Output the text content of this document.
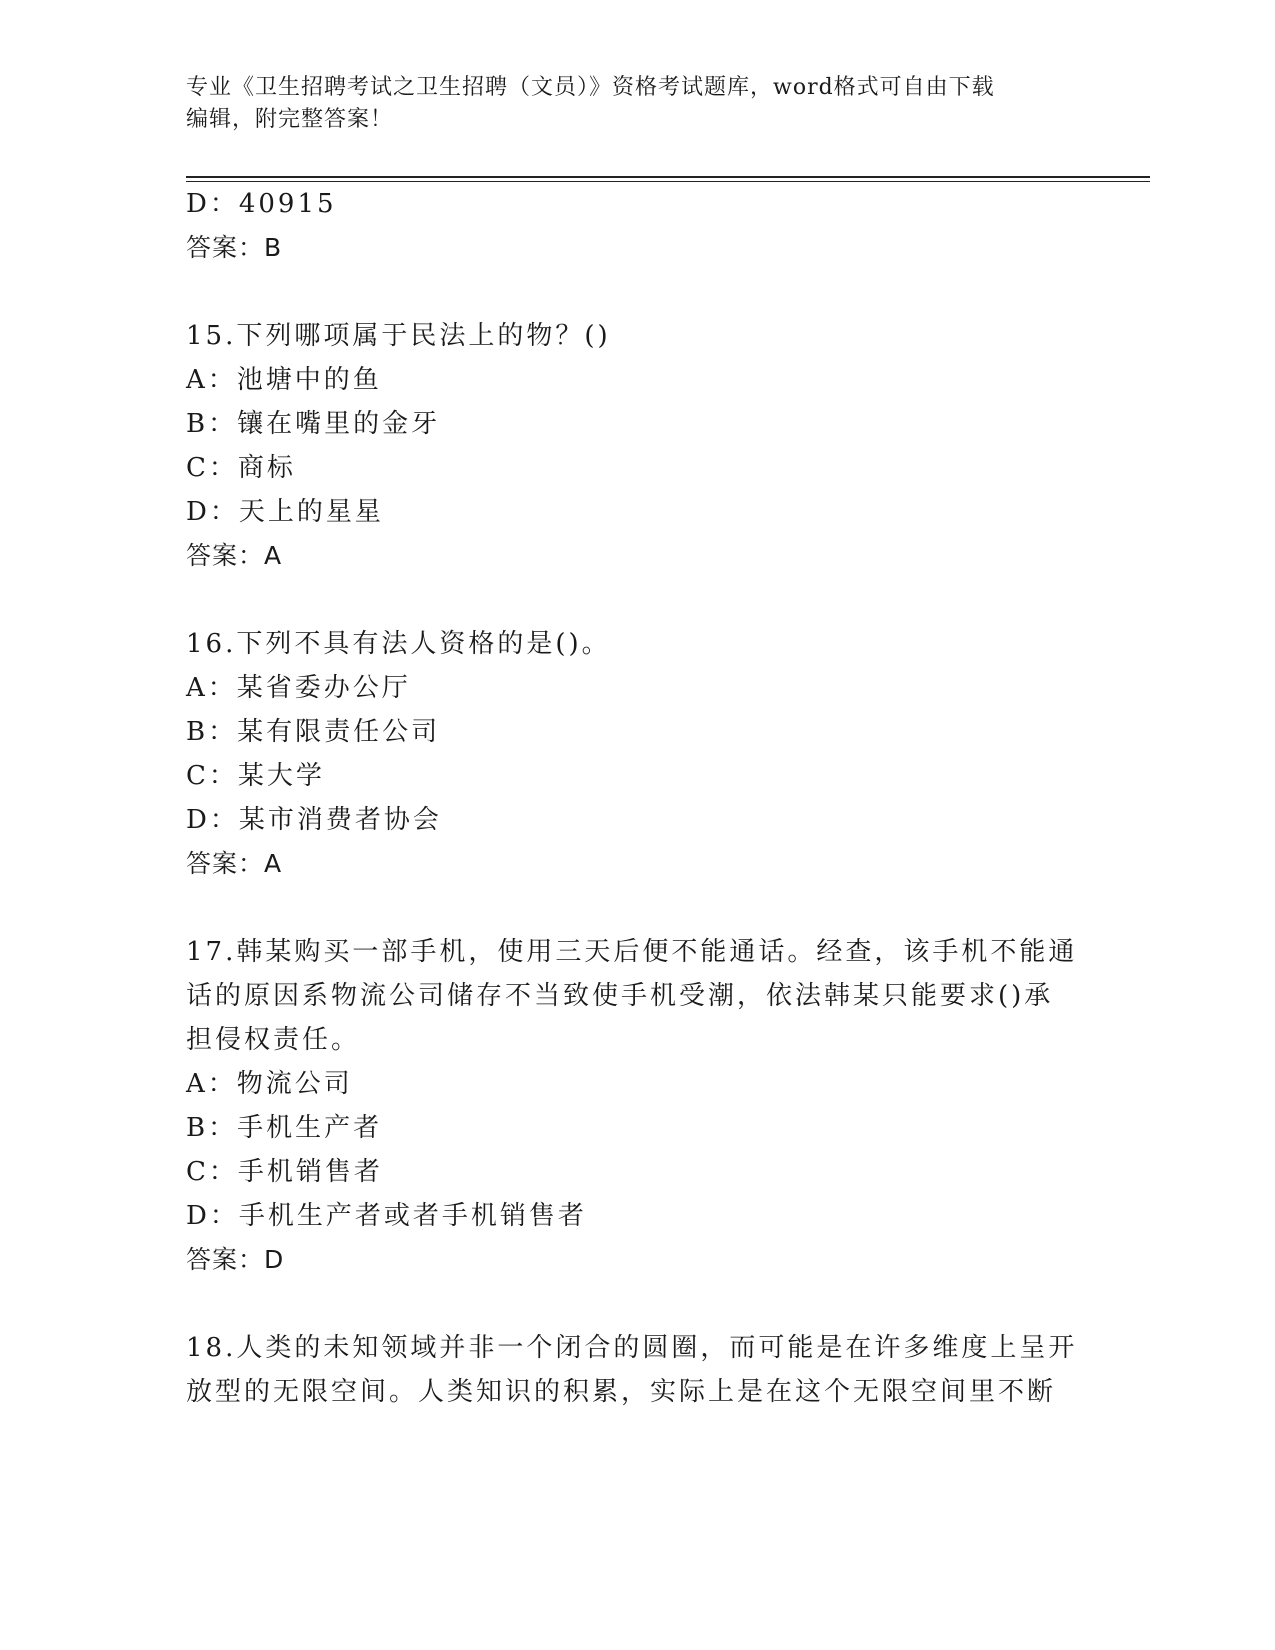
专业《卫生招聘考试之卫生招聘（文员）》资格考试题库，word格式可自由下载
编辑，附完整答案！
D：40915
答案：B
15.下列哪项属于民法上的物？()
A：池塘中的鱼
B：镶在嘴里的金牙
C：商标
D：天上的星星
答案：A
16.下列不具有法人资格的是()。
A：某省委办公厅
B：某有限责任公司
C：某大学
D：某市消费者协会
答案：A
17.韩某购买一部手机，使用三天后便不能通话。经查，该手机不能通
话的原因系物流公司储存不当致使手机受潮，依法韩某只能要求()承
担侵权责任。
A：物流公司
B：手机生产者
C：手机销售者
D：手机生产者或者手机销售者
答案：D
18.人类的未知领域并非一个闭合的圆圈，而可能是在许多维度上呈开
放型的无限空间。人类知识的积累，实际上是在这个无限空间里不断
